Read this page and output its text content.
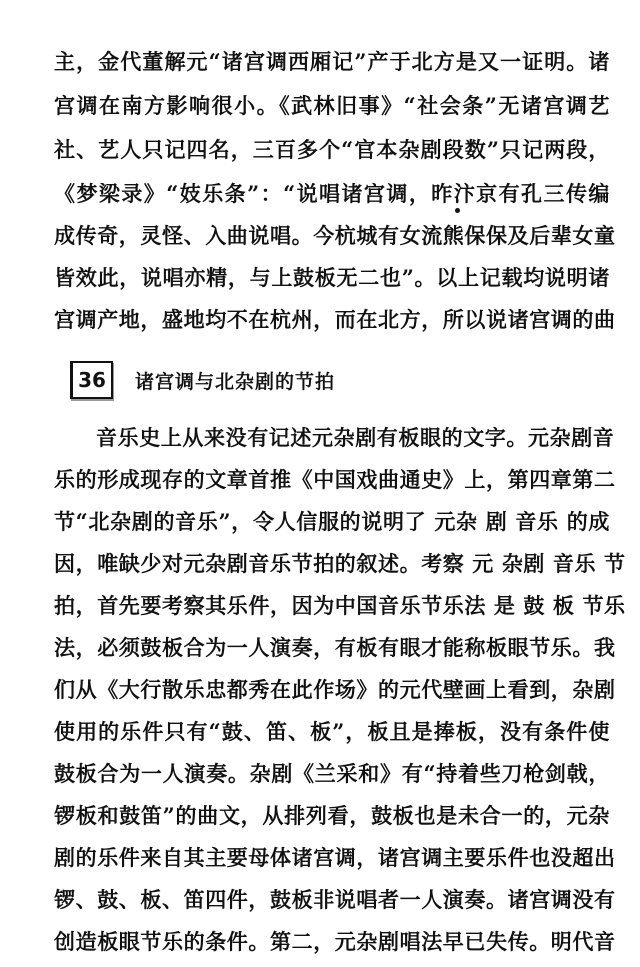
主，金代董解元“诸宫调西厢记”产于北方是又一证明。诸
宫调在南方影响很小。《武林旧事》“社会条”无诸宫调艺
社、艺人只记四名，三百多个“官本杂剧段数”只记两段，
《梦梁录》“妓乐条”：“说唱诸宫调，昨汴京有孔三传编
成传奇，灵怪、入曲说唱。今杭城有女流熊保保及后辈女童
皆效此，说唱亦精，与上鼓板无二也”。以上记载均说明诸
宫调产地，盛地均不在杭州，而在北方，所以说诸宫调的曲
36	诸宫调与北杂剧的节拍
音乐史上从来没有记述元杂剧有板眼的文字。元杂剧音
乐的形成现存的文章首推《中国戏曲通史》上，第四章第二
节“北杂剧的音乐”，令人信服的说明了 元杂 剧 音乐 的成
因，唯缺少对元杂剧音乐节拍的叙述。考察 元 杂剧 音乐 节
拍，首先要考察其乐件，因为中国音乐节乐法 是 鼓 板 节乐
法，必须鼓板合为一人演奏，有板有眼才能称板眼节乐。我
们从《大行散乐忠都秀在此作场》的元代壁画上看到，杂剧
使用的乐件只有“鼓、笛、板”，板且是捧板，没有条件使
鼓板合为一人演奏。杂剧《兰采和》有“持着些刀枪剑戟，
锣板和鼓笛”的曲文，从排列看，鼓板也是未合一的，元杂
剧的乐件来自其主要母体诸宫调，诸宫调主要乐件也没超出
锣、鼓、板、笛四件，鼓板非说唱者一人演奏。诸宫调没有
创造板眼节乐的条件。第二，元杂剧唱法早已失传。明代音
